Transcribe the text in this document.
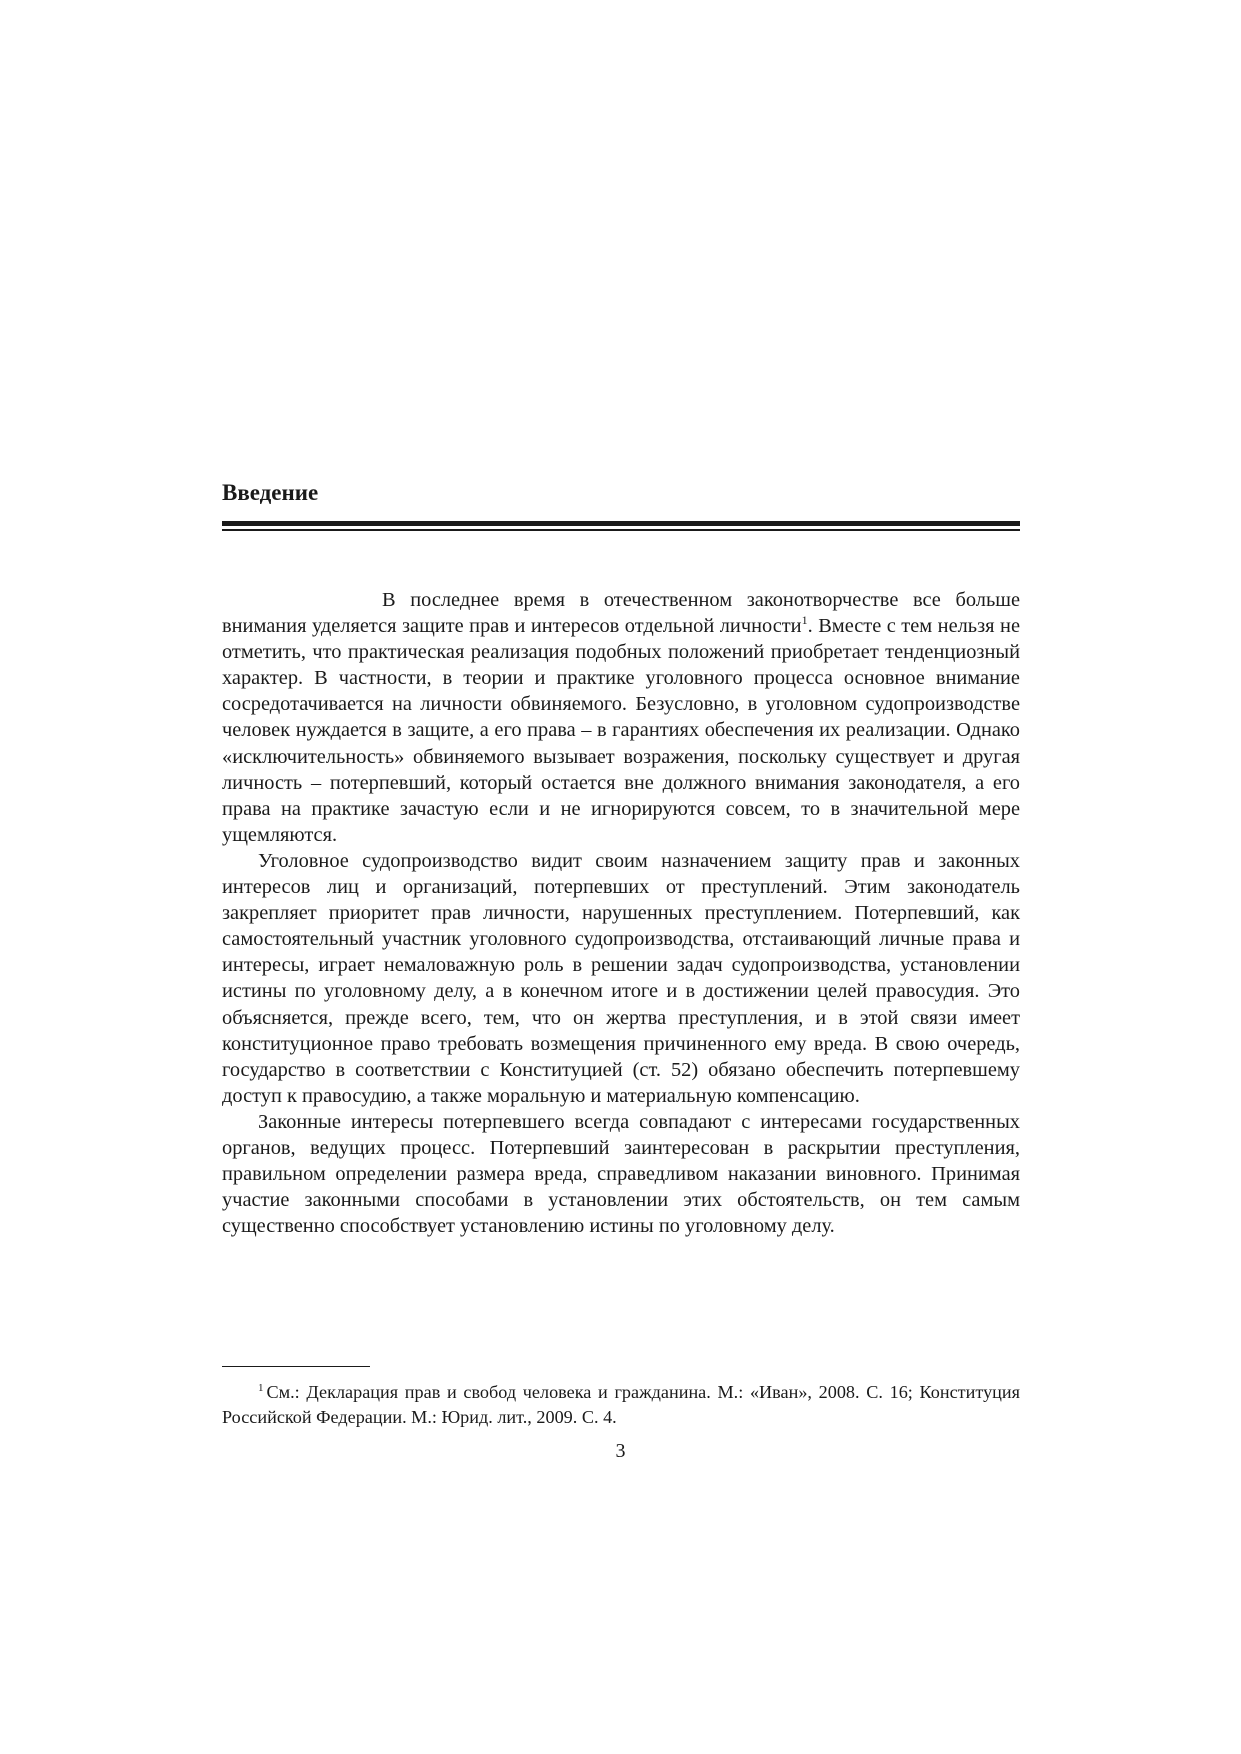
Введение

В последнее время в отечественном законотворчестве все больше внимания уделяется защите прав и интересов отдельной личности$^1$. Вместе с тем нельзя не отметить, что практическая реализация подобных положений приобретает тенденциозный характер. В частности, в теории и практике уголовного процесса основное внимание сосредотачивается на личности обвиняемого. Безусловно, в уголовном судопроизводстве человек нуждается в защите, а его права – в гарантиях обеспечения их реализации. Однако «исключительность» обвиняемого вызывает возражения, поскольку существует и другая личность – потерпевший, который остается вне должного внимания законодателя, а его права на практике зачастую если и не игнорируются совсем, то в значительной мере ущемляются.

Уголовное судопроизводство видит своим назначением защиту прав и законных интересов лиц и организаций, потерпевших от преступлений. Этим законодатель закрепляет приоритет прав личности, нарушенных преступлением. Потерпевший, как самостоятельный участник уголовного судопроизводства, отстаивающий личные права и интересы, играет немаловажную роль в решении задач судопроизводства, установлении истины по уголовному делу, а в конечном итоге и в достижении целей правосудия. Это объясняется, прежде всего, тем, что он жертва преступления, и в этой связи имеет конституционное право требовать возмещения причиненного ему вреда. В свою очередь, государство в соответствии с Конституцией (ст. 52) обязано обеспечить потерпевшему доступ к правосудию, а также моральную и материальную компенсацию.

Законные интересы потерпевшего всегда совпадают с интересами государственных органов, ведущих процесс. Потерпевший заинтересован в раскрытии преступления, правильном определении размера вреда, справедливом наказании виновного. Принимая участие законными способами в установлении этих обстоятельств, он тем самым существенно способствует установлению истины по уголовному делу.

$^1$ См.: Декларация прав и свобод человека и гражданина. М.: «Иван», 2008. С. 16; Конституция Российской Федерации. М.: Юрид. лит., 2009. С. 4.

3
